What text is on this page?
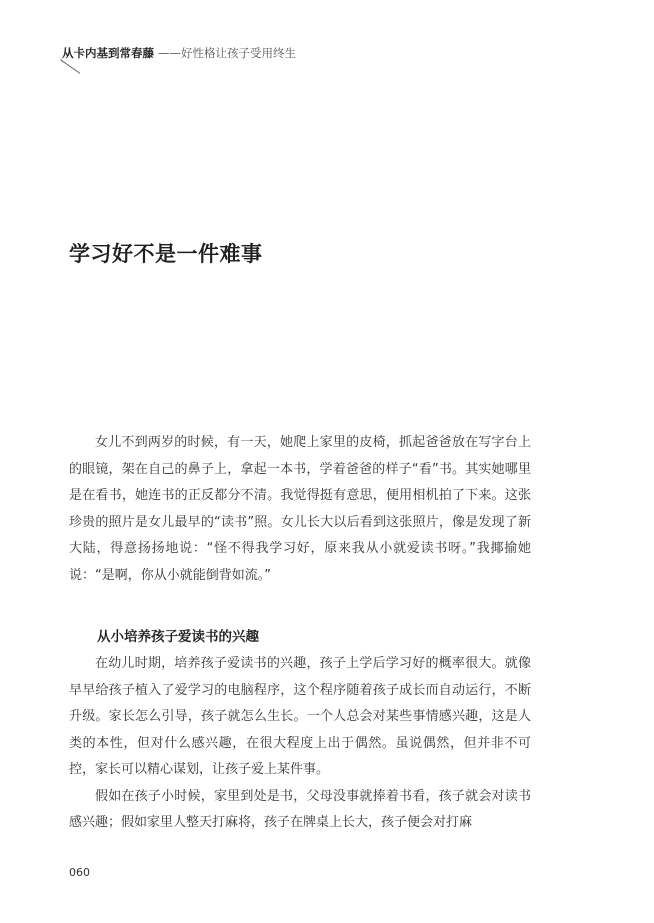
从卡内基到常春藤 ——好性格让孩子受用终生
学习好不是一件难事

女儿不到两岁的时候，有一天，她爬上家里的皮椅，抓起爸爸放在写字台上的眼镜，架在自己的鼻子上，拿起一本书，学着爸爸的样子“看”书。其实她哪里是在看书，她连书的正反都分不清。我觉得挺有意思，便用相机拍了下来。这张珍贵的照片是女儿最早的“读书”照。女儿长大以后看到这张照片，像是发现了新大陆，得意扬扬地说：“怪不得我学习好，原来我从小就爱读书呀。”我揶揄她说：“是啊，你从小就能倒背如流。”

从小培养孩子爱读书的兴趣

在幼儿时期，培养孩子爱读书的兴趣，孩子上学后学习好的概率很大。就像早早给孩子植入了爱学习的电脑程序，这个程序随着孩子成长而自动运行，不断升级。家长怎么引导，孩子就怎么生长。一个人总会对某些事情感兴趣，这是人类的本性，但对什么感兴趣，在很大程度上出于偶然。虽说偶然，但并非不可控，家长可以精心谋划，让孩子爱上某件事。

假如在孩子小时候，家里到处是书，父母没事就捧着书看，孩子就会对读书感兴趣；假如家里人整天打麻将，孩子在牌桌上长大，孩子便会对打麻

060
